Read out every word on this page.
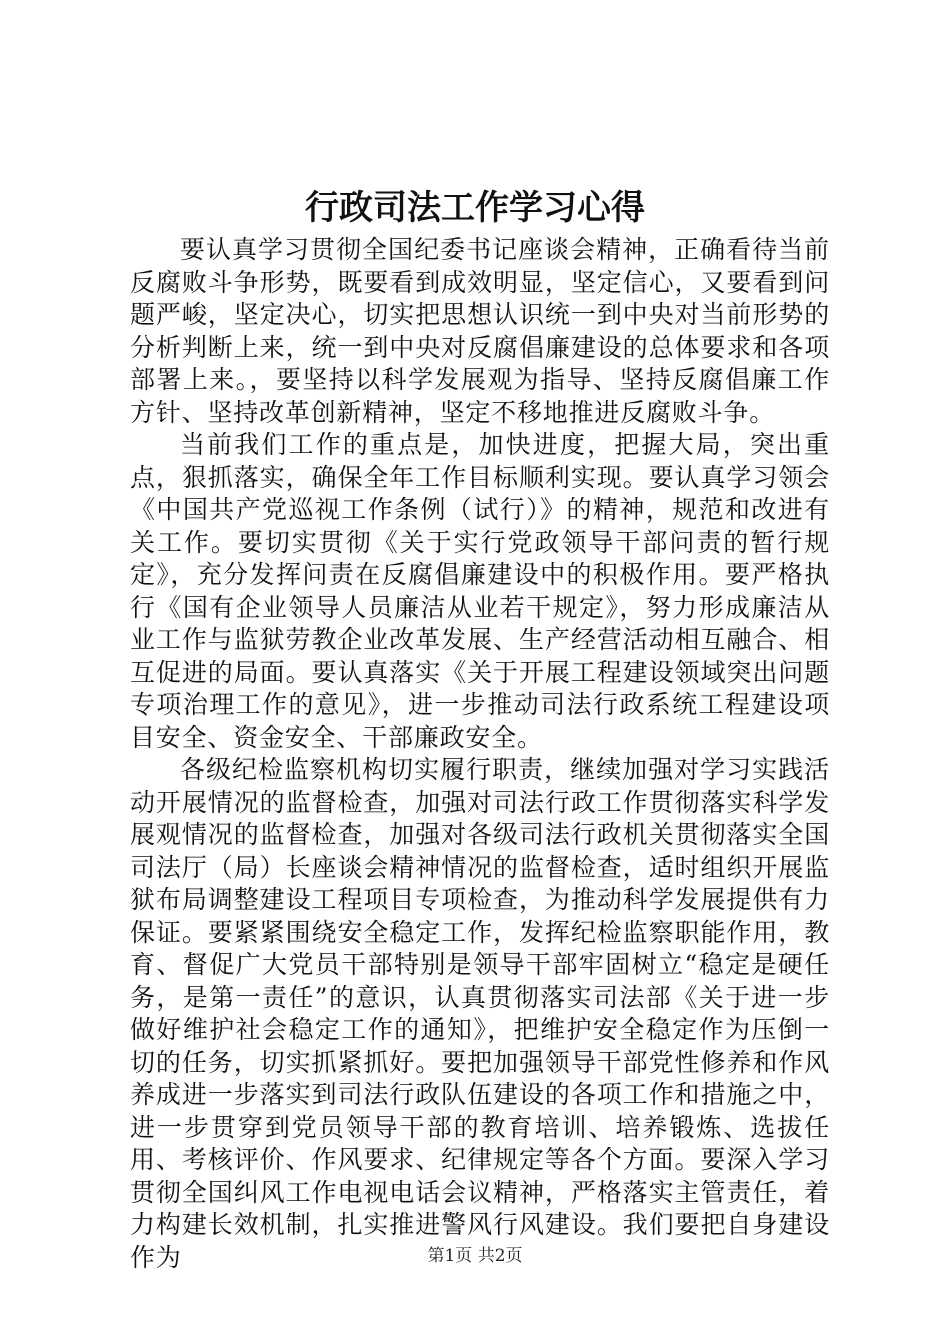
行政司法工作学习心得

要认真学习贯彻全国纪委书记座谈会精神，正确看待当前反腐败斗争形势，既要看到成效明显，坚定信心，又要看到问题严峻，坚定决心，切实把思想认识统一到中央对当前形势的分析判断上来，统一到中央对反腐倡廉建设的总体要求和各项部署上来。，要坚持以科学发展观为指导、坚持反腐倡廉工作方针、坚持改革创新精神，坚定不移地推进反腐败斗争。

当前我们工作的重点是，加快进度，把握大局，突出重点，狠抓落实，确保全年工作目标顺利实现。要认真学习领会《中国共产党巡视工作条例（试行）》的精神，规范和改进有关工作。要切实贯彻《关于实行党政领导干部问责的暂行规定》，充分发挥问责在反腐倡廉建设中的积极作用。要严格执行《国有企业领导人员廉洁从业若干规定》，努力形成廉洁从业工作与监狱劳教企业改革发展、生产经营活动相互融合、相互促进的局面。要认真落实《关于开展工程建设领域突出问题专项治理工作的意见》，进一步推动司法行政系统工程建设项目安全、资金安全、干部廉政安全。

各级纪检监察机构切实履行职责，继续加强对学习实践活动开展情况的监督检查，加强对司法行政工作贯彻落实科学发展观情况的监督检查，加强对各级司法行政机关贯彻落实全国司法厅（局）长座谈会精神情况的监督检查，适时组织开展监狱布局调整建设工程项目专项检查，为推动科学发展提供有力保证。要紧紧围绕安全稳定工作，发挥纪检监察职能作用，教育、督促广大党员干部特别是领导干部牢固树立“稳定是硬任务，是第一责任”的意识，认真贯彻落实司法部《关于进一步做好维护社会稳定工作的通知》，把维护安全稳定作为压倒一切的任务，切实抓紧抓好。要把加强领导干部党性修养和作风养成进一步落实到司法行政队伍建设的各项工作和措施之中，进一步贯穿到党员领导干部的教育培训、培养锻炼、选拔任用、考核评价、作风要求、纪律规定等各个方面。要深入学习贯彻全国纠风工作电视电话会议精神，严格落实主管责任，着力构建长效机制，扎实推进警风行风建设。我们要把自身建设作为	第1页 共2页
